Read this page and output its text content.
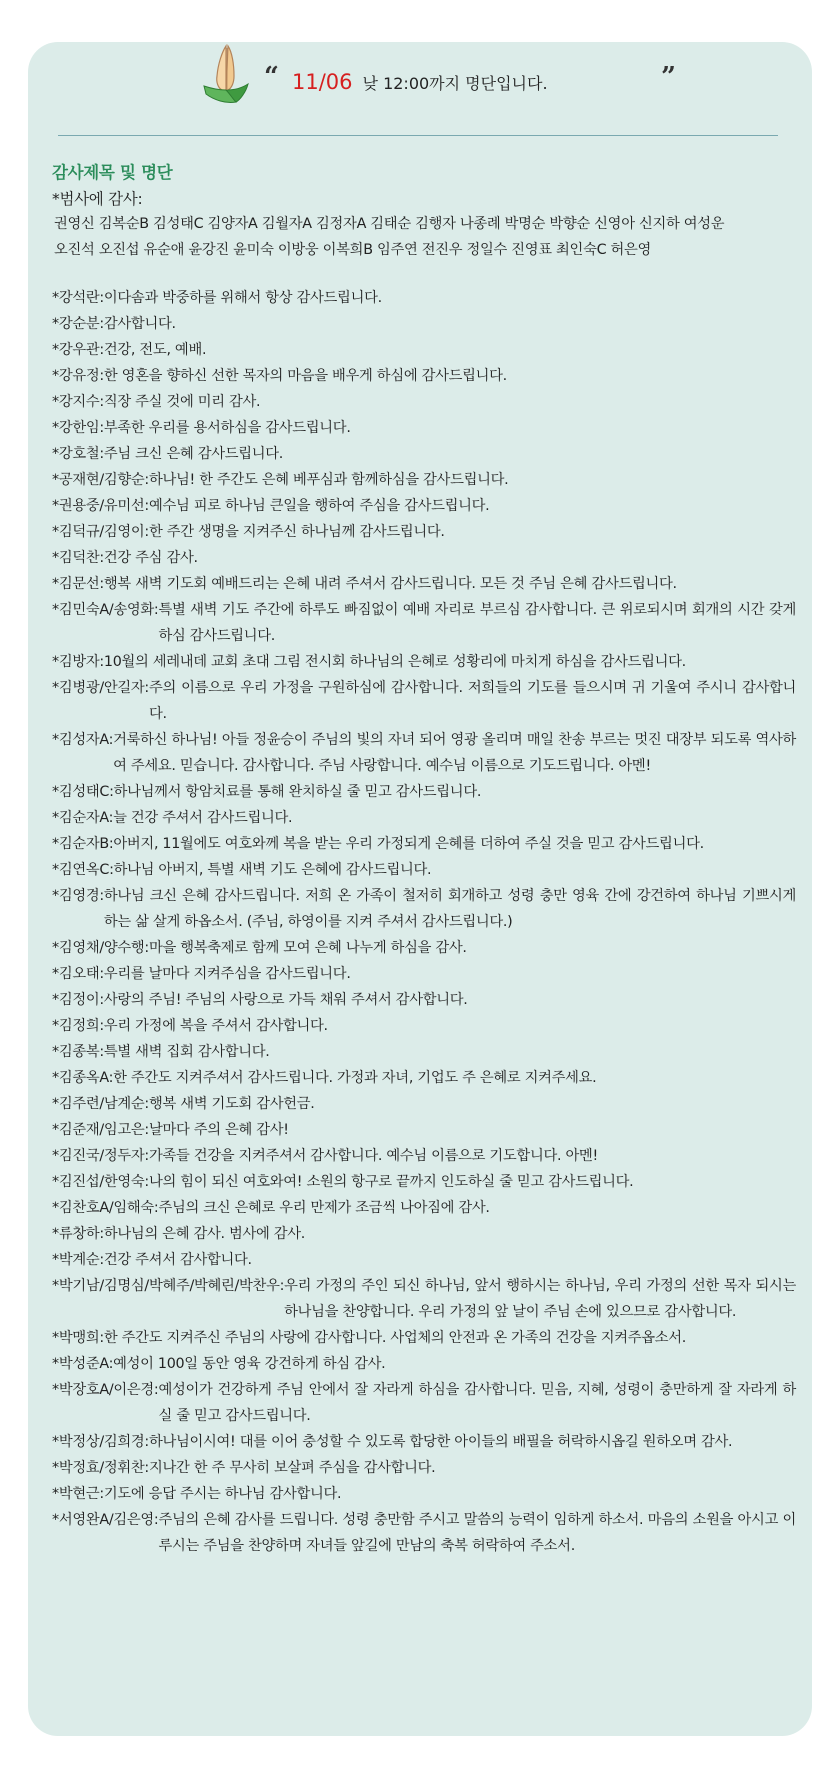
“ 11/06 낮 12:00까지 명단입니다.	”
감사제목 및 명단
*범사에 감사:
권영신 김복순B 김성태C 김양자A 김월자A 김정자A 김태순 김행자 나종례 박명순 박향순 신영아 신지하 여성운
오진석 오진섭 유순애 윤강진 윤미숙 이방웅 이복희B 임주연 전진우 정일수 진영표 최인숙C 허은영
*강석란: 이다솜과 박중하를 위해서 항상 감사드립니다.
*강순분: 감사합니다.
*강우관: 건강, 전도, 예배.
*강유정: 한 영혼을 향하신 선한 목자의 마음을 배우게 하심에 감사드립니다.
*강지수: 직장 주실 것에 미리 감사.
*강한임: 부족한 우리를 용서하심을 감사드립니다.
*강호철: 주님 크신 은혜 감사드립니다.
*공재현/김향순: 하나님! 한 주간도 은혜 베푸심과 함께하심을 감사드립니다.
*권용중/유미선: 예수님 피로 하나님 큰일을 행하여 주심을 감사드립니다.
*김덕규/김영이: 한 주간 생명을 지켜주신 하나님께 감사드립니다.
*김덕찬: 건강 주심 감사.
*김문선: 행복 새벽 기도회 예배드리는 은혜 내려 주셔서 감사드립니다. 모든 것 주님 은혜 감사드립니다.
*김민숙A/송영화: 특별 새벽 기도 주간에 하루도 빠짐없이 예배 자리로 부르심 감사합니다. 큰 위로되시며 회개의 시간 갖게 하심 감사드립니다.
*김방자: 10월의 세레내데 교회 초대 그림 전시회 하나님의 은혜로 성황리에 마치게 하심을 감사드립니다.
*김병광/안길자: 주의 이름으로 우리 가정을 구원하심에 감사합니다. 저희들의 기도를 들으시며 귀 기울여 주시니 감사합니다.
*김성자A: 거룩하신 하나님! 아들 정윤승이 주님의 빛의 자녀 되어 영광 올리며 매일 찬송 부르는 멋진 대장부 되도록 역사하여 주세요. 믿습니다. 감사합니다. 주님 사랑합니다. 예수님 이름으로 기도드립니다. 아멘!
*김성태C: 하나님께서 항암치료를 통해 완치하실 줄 믿고 감사드립니다.
*김순자A: 늘 건강 주셔서 감사드립니다.
*김순자B: 아버지, 11월에도 여호와께 복을 받는 우리 가정되게 은혜를 더하여 주실 것을 믿고 감사드립니다.
*김연옥C: 하나님 아버지, 특별 새벽 기도 은혜에 감사드립니다.
*김영경: 하나님 크신 은혜 감사드립니다. 저희 온 가족이 철저히 회개하고 성령 충만 영육 간에 강건하여 하나님 기쁘시게 하는 삶 살게 하옵소서. (주님, 하영이를 지켜 주셔서 감사드립니다.)
*김영채/양수행: 마을 행복축제로 함께 모여 은혜 나누게 하심을 감사.
*김오태: 우리를 날마다 지켜주심을 감사드립니다.
*김정이: 사랑의 주님! 주님의 사랑으로 가득 채워 주셔서 감사합니다.
*김정희: 우리 가정에 복을 주셔서 감사합니다.
*김종복: 특별 새벽 집회 감사합니다.
*김종옥A: 한 주간도 지켜주셔서 감사드립니다. 가정과 자녀, 기업도 주 은혜로 지켜주세요.
*김주련/남계순: 행복 새벽 기도회 감사헌금.
*김준재/임고은: 날마다 주의 은혜 감사!
*김진국/정두자: 가족들 건강을 지켜주셔서 감사합니다. 예수님 이름으로 기도합니다. 아멘!
*김진섭/한영숙: 나의 힘이 되신 여호와여! 소원의 항구로 끝까지 인도하실 줄 믿고 감사드립니다.
*김찬호A/임해숙: 주님의 크신 은혜로 우리 만제가 조금씩 나아짐에 감사.
*류창하: 하나님의 은혜 감사. 범사에 감사.
*박계순: 건강 주셔서 감사합니다.
*박기남/김명심/박혜주/박혜린/박찬우: 우리 가정의 주인 되신 하나님, 앞서 행하시는 하나님, 우리 가정의 선한 목자 되시는 하나님을 찬양합니다. 우리 가정의 앞 날이 주님 손에 있으므로 감사합니다.
*박맹희: 한 주간도 지켜주신 주님의 사랑에 감사합니다. 사업체의 안전과 온 가족의 건강을 지켜주옵소서.
*박성준A: 예성이 100일 동안 영육 강건하게 하심 감사.
*박장호A/이은경: 예성이가 건강하게 주님 안에서 잘 자라게 하심을 감사합니다. 믿음, 지혜, 성령이 충만하게 잘 자라게 하실 줄 믿고 감사드립니다.
*박정상/김희경: 하나님이시여! 대를 이어 충성할 수 있도록 합당한 아이들의 배필을 허락하시옵길 원하오며 감사.
*박정효/정휘찬: 지나간 한 주 무사히 보살펴 주심을 감사합니다.
*박현근: 기도에 응답 주시는 하나님 감사합니다.
*서영완A/김은영: 주님의 은혜 감사를 드립니다. 성령 충만함 주시고 말씀의 능력이 임하게 하소서. 마음의 소원을 아시고 이루시는 주님을 찬양하며 자녀들 앞길에 만남의 축복 허락하여 주소서.
